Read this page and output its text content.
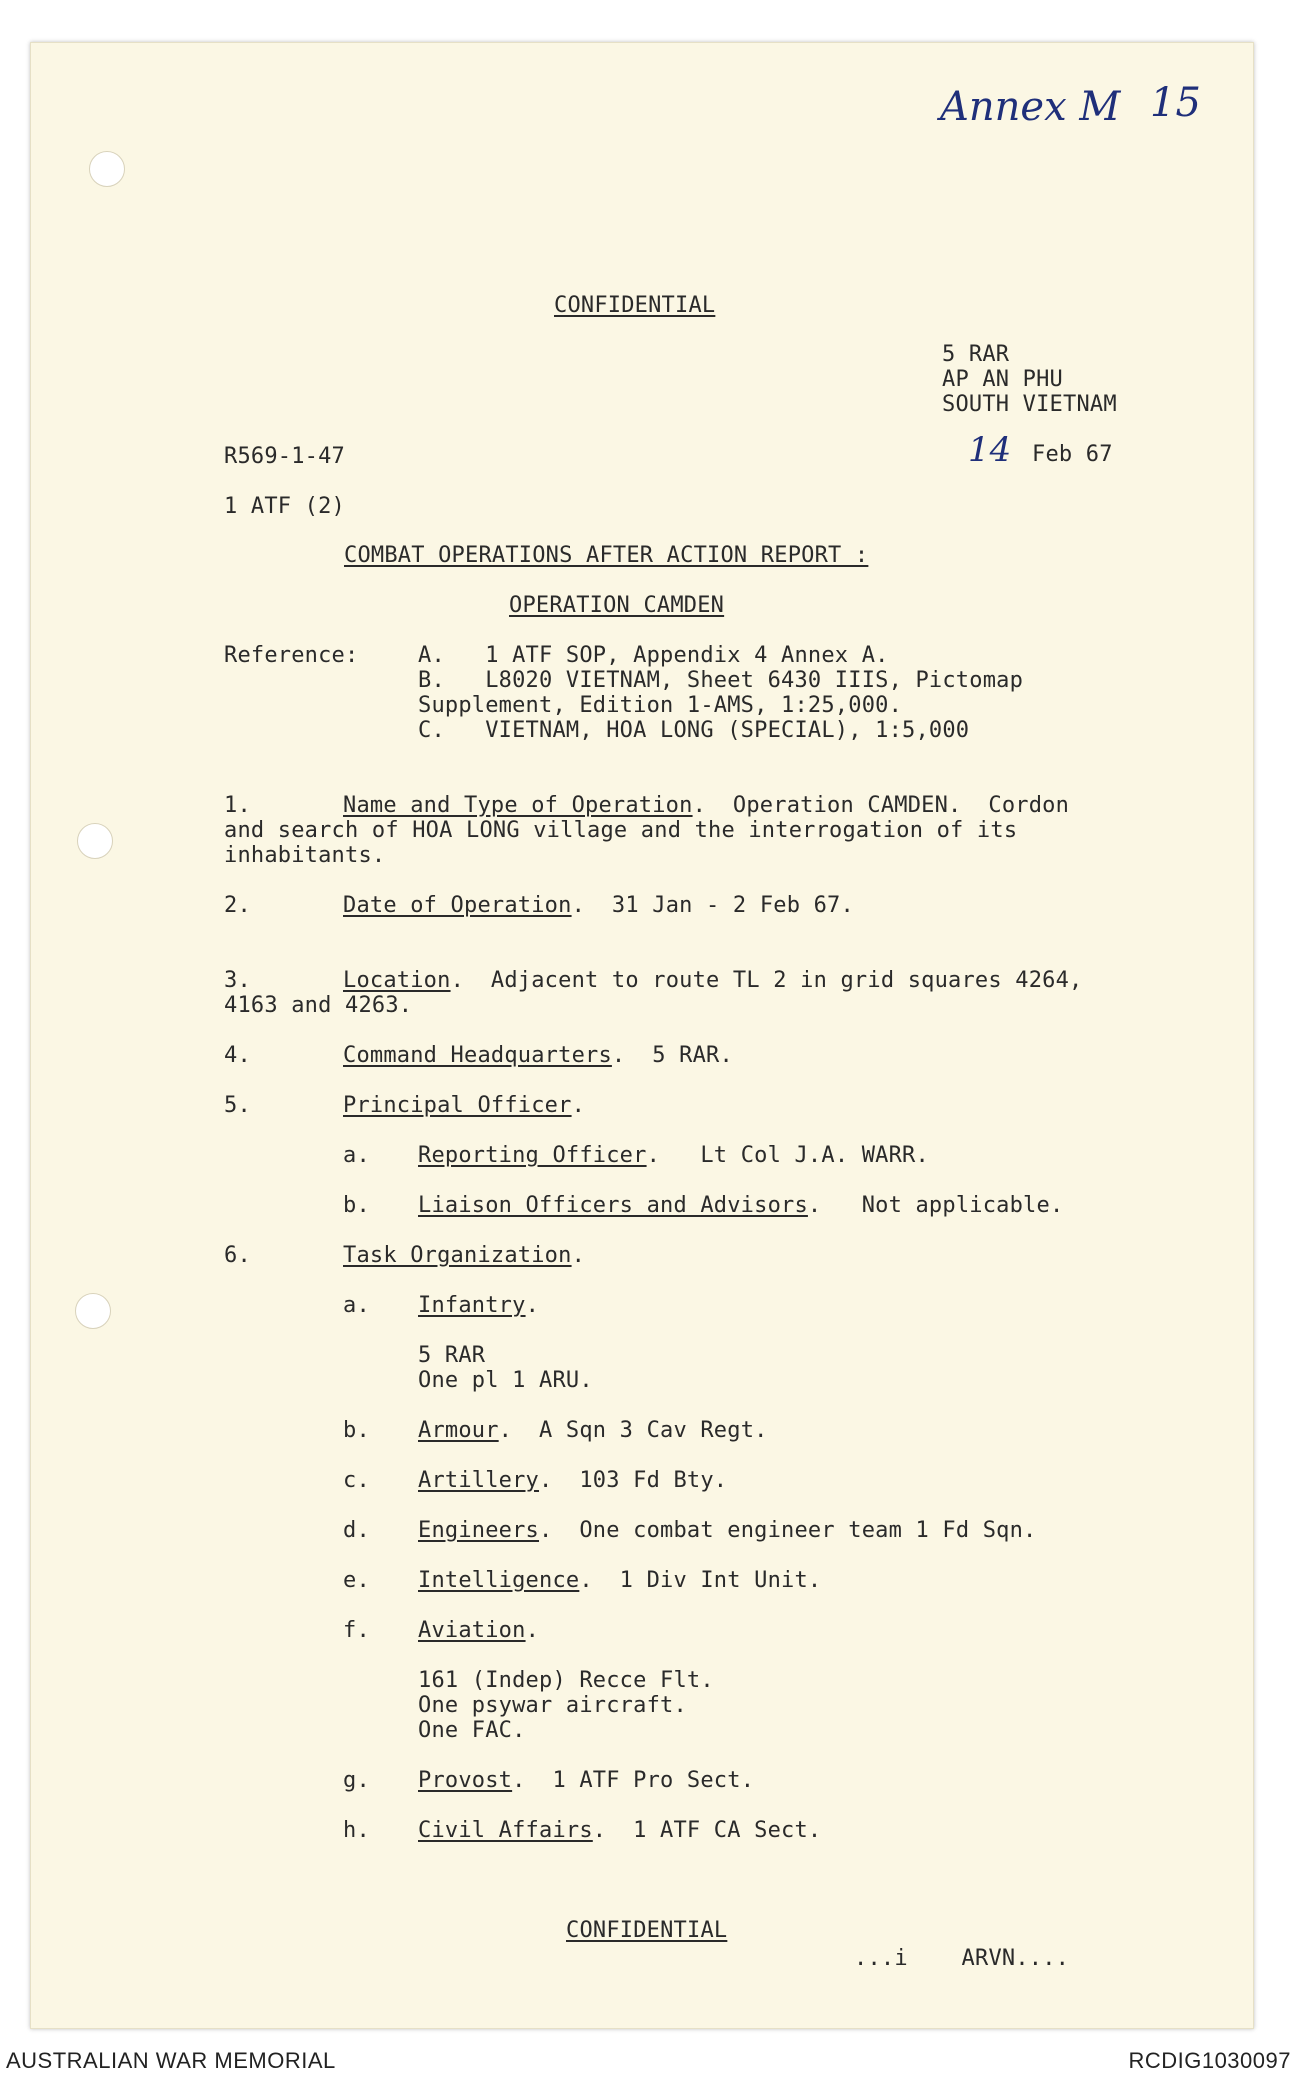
Annex M 15
CONFIDENTIAL
5 RAR
AP AN PHU
SOUTH VIETNAM
R569-1-47	14 Feb 67
1 ATF (2)
COMBAT OPERATIONS AFTER ACTION REPORT :
OPERATION CAMDEN
Reference:	A.   1 ATF SOP, Appendix 4 Annex A.
B.   L8020 VIETNAM, Sheet 6430 IIIS, Pictomap
Supplement, Edition 1-AMS, 1:25,000.
C.   VIETNAM, HOA LONG (SPECIAL), 1:5,000
1.	Name and Type of Operation.  Operation CAMDEN.  Cordon
and search of HOA LONG village and the interrogation of its
inhabitants.
2.	Date of Operation.  31 Jan - 2 Feb 67.
3.	Location.  Adjacent to route TL 2 in grid squares 4264,
4163 and 4263.
4.	Command Headquarters.  5 RAR.
5.	Principal Officer.
a. Reporting Officer.   Lt Col J.A. WARR.
b. Liaison Officers and Advisors.   Not applicable.
6.	Task Organization.
a. Infantry.
5 RAR
One pl 1 ARU.
b. Armour.  A Sqn 3 Cav Regt.
c. Artillery.  103 Fd Bty.
d. Engineers.  One combat engineer team 1 Fd Sqn.
e. Intelligence.  1 Div Int Unit.
f. Aviation.
161 (Indep) Recce Flt.
One psywar aircraft.
One FAC.
g. Provost.  1 ATF Pro Sect.
h. Civil Affairs.  1 ATF CA Sect.
CONFIDENTIAL
...i    ARVN....
AUSTRALIAN WAR MEMORIAL	RCDIG1030097
